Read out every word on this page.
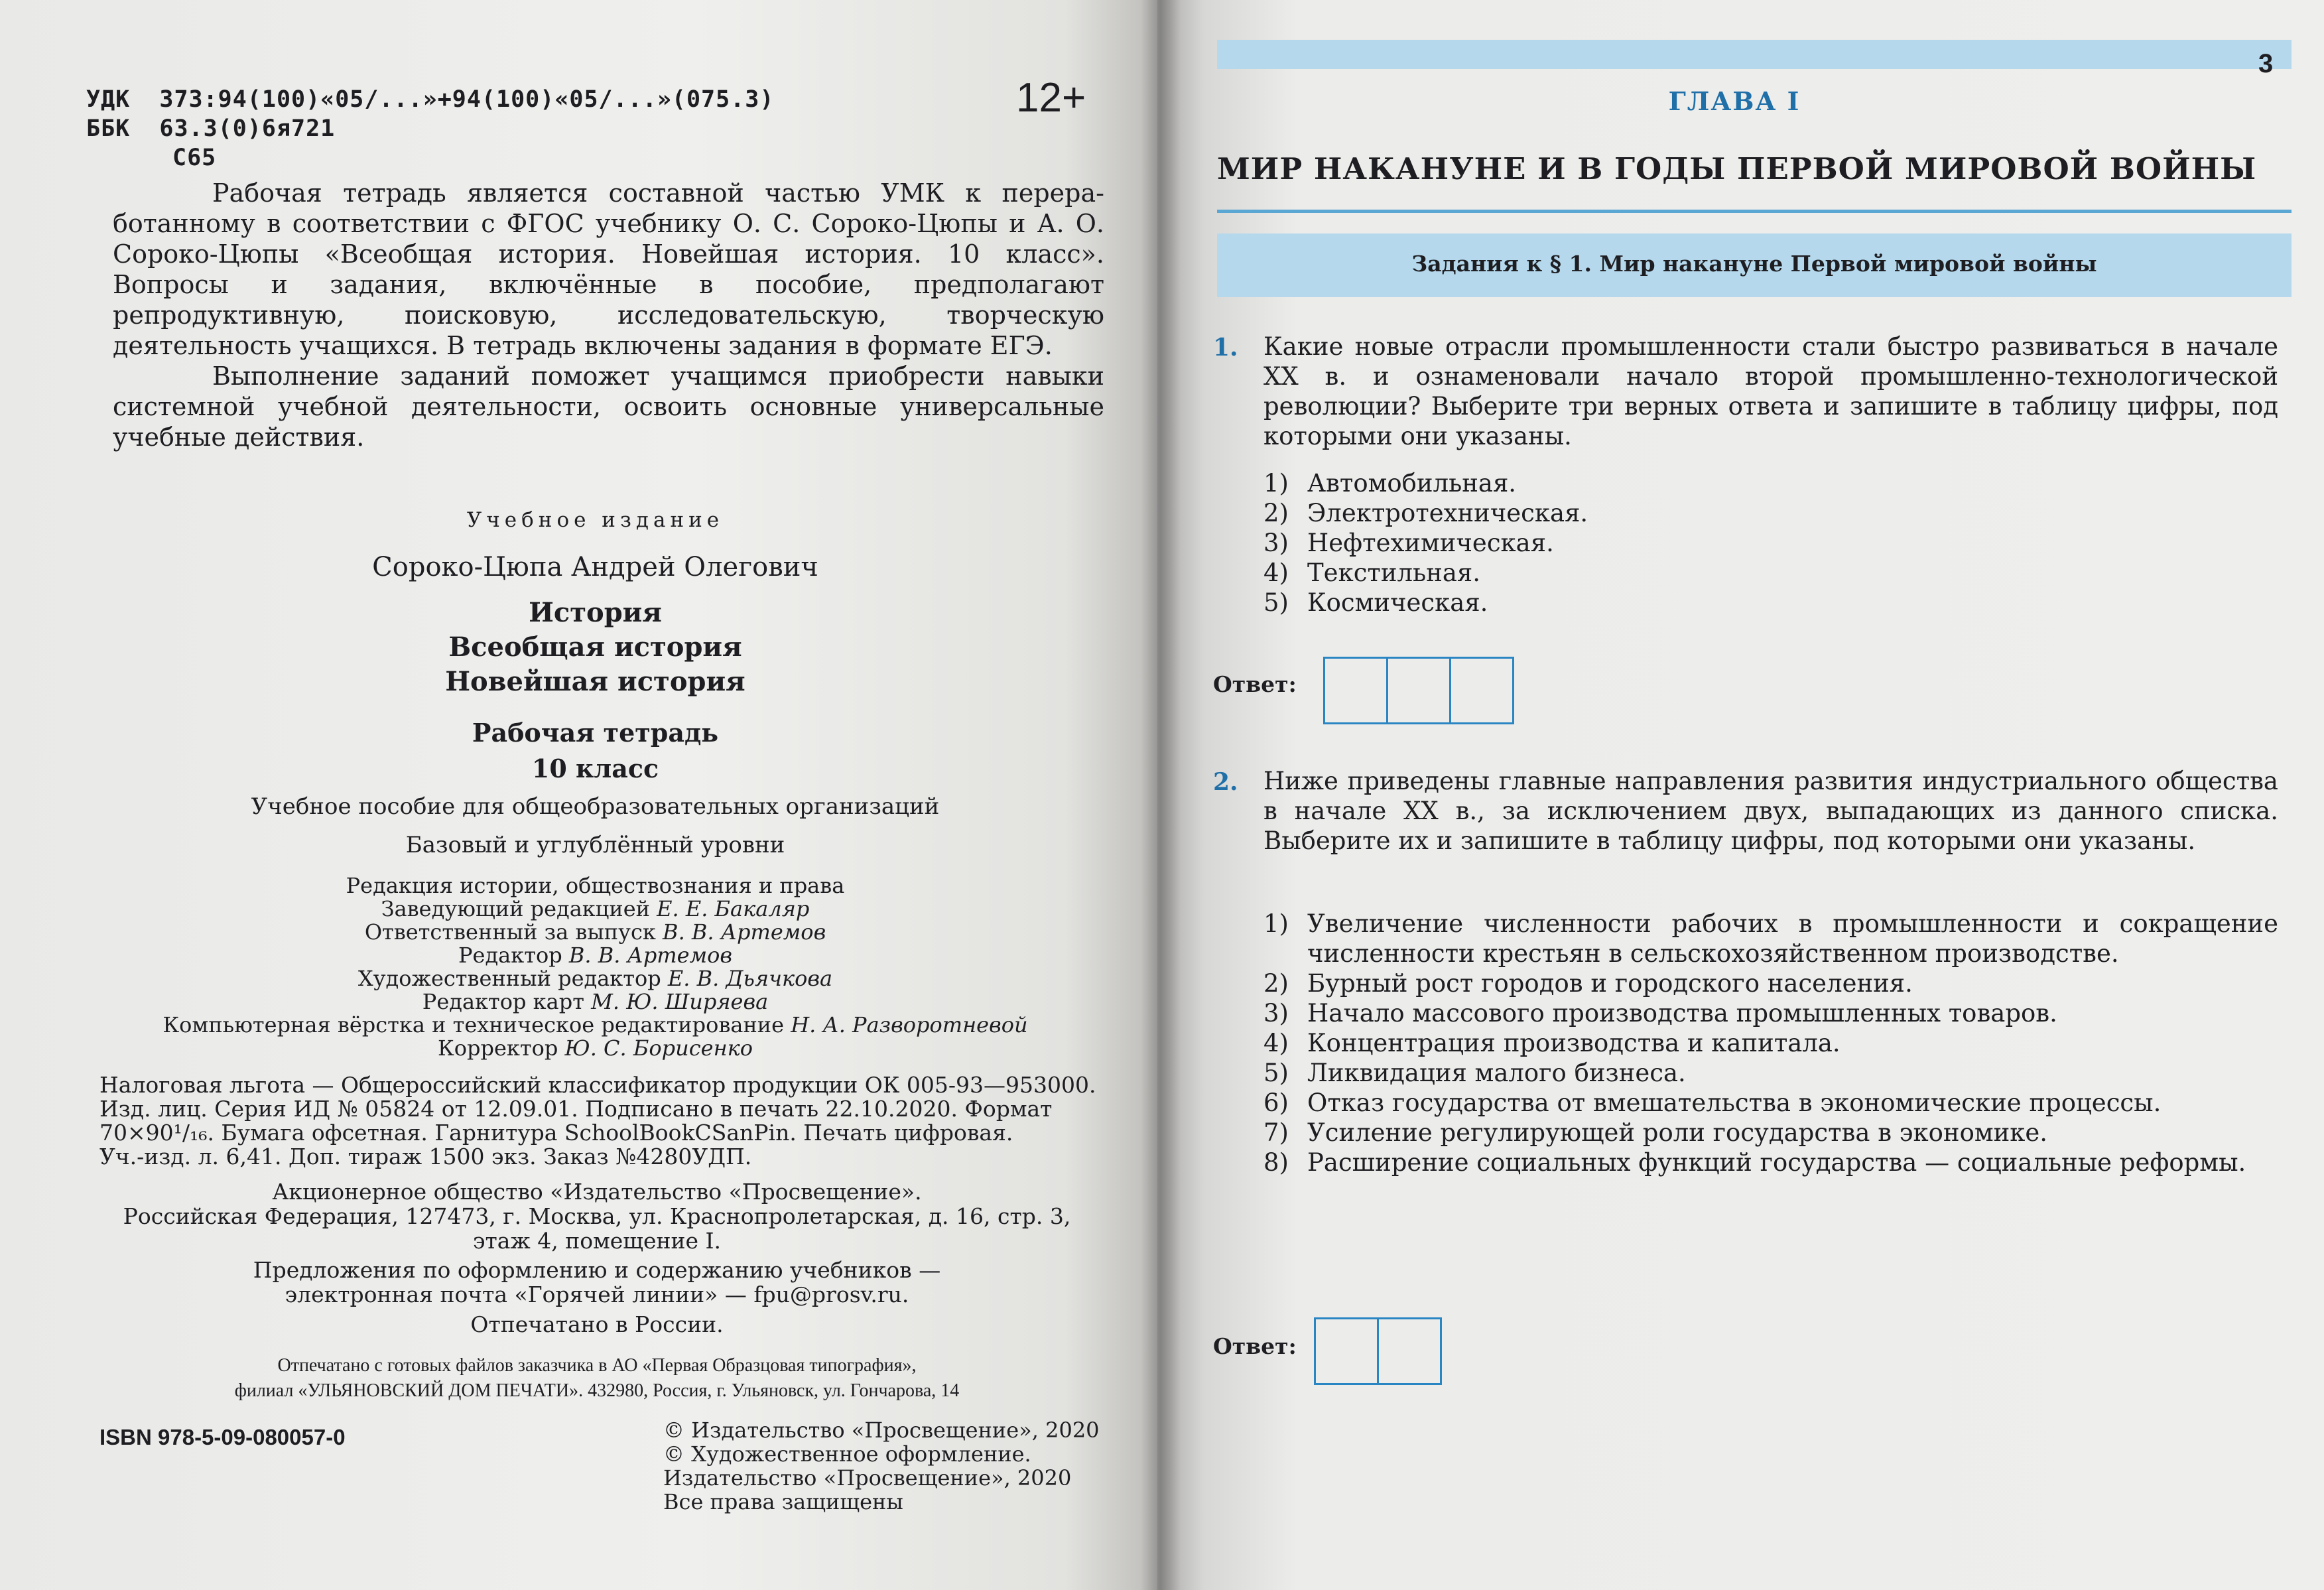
УДК 373:94(100)«05/...»+94(100)«05/...»(075.3)
ББК 63.3(0)6я721
С65
12+

Рабочая тетрадь является составной частью УМК к переработанному в соответствии с ФГОС учебнику О. С. Сороко-Цюпы и А. О. Сороко-Цюпы «Всеобщая история. Новейшая история. 10 класс». Вопросы и задания, включённые в пособие, предполагают репродуктивную, поисковую, исследовательскую, творческую деятельность учащихся. В тетрадь включены задания в формате ЕГЭ.

Выполнение заданий поможет учащимся приобрести навыки системной учебной деятельности, освоить основные универсальные учебные действия.

Учебное издание
Сороко-Цюпа Андрей Олегович
История
Всеобщая история
Новейшая история
Рабочая тетрадь
10 класс
Учебное пособие для общеобразовательных организаций
Базовый и углублённый уровни
Редакция истории, обществознания и права
Заведующий редакцией Е. Е. Бакаляр
Ответственный за выпуск В. В. Артемов
Редактор В. В. Артемов
Художественный редактор Е. В. Дьячкова
Редактор карт М. Ю. Ширяева
Компьютерная вёрстка и техническое редактирование Н. А. Разворотневой
Корректор Ю. С. Борисенко
Налоговая льгота — Общероссийский классификатор продукции ОК 005-93—953000.
Изд. лиц. Серия ИД № 05824 от 12.09.01. Подписано в печать 22.10.2020. Формат
70×90¹/₁₆. Бумага офсетная. Гарнитура SchoolBookCSanPin. Печать цифровая.
Уч.-изд. л. 6,41. Доп. тираж 1500 экз. Заказ №4280УДП.
Акционерное общество «Издательство «Просвещение».
Российская Федерация, 127473, г. Москва, ул. Краснопролетарская, д. 16, стр. 3,
этаж 4, помещение I.
Предложения по оформлению и содержанию учебников —
электронная почта «Горячей линии» — fpu@prosv.ru.
Отпечатано в России.
Отпечатано с готовых файлов заказчика в АО «Первая Образцовая типография»,
филиал «УЛЬЯНОВСКИЙ ДОМ ПЕЧАТИ». 432980, Россия, г. Ульяновск, ул. Гончарова, 14
ISBN 978-5-09-080057-0	© Издательство «Просвещение», 2020
© Художественное оформление.
Издательство «Просвещение», 2020
Все права защищены
3
ГЛАВА I
МИР НАКАНУНЕ И В ГОДЫ ПЕРВОЙ МИРОВОЙ ВОЙНЫ
Задания к § 1. Мир накануне Первой мировой войны
1. Какие новые отрасли промышленности стали быстро развиваться в начале XX в. и ознаменовали начало второй промышленно-технологической революции? Выберите три верных ответа и запишите в таблицу цифры, под которыми они указаны.
1) Автомобильная.
2) Электротехническая.
3) Нефтехимическая.
4) Текстильная.
5) Космическая.
Ответ:
2. Ниже приведены главные направления развития индустриального общества в начале XX в., за исключением двух, выпадающих из данного списка. Выберите их и запишите в таблицу цифры, под которыми они указаны.
1) Увеличение численности рабочих в промышленности и сокращение численности крестьян в сельскохозяйственном производстве.
2) Бурный рост городов и городского населения.
3) Начало массового производства промышленных товаров.
4) Концентрация производства и капитала.
5) Ликвидация малого бизнеса.
6) Отказ государства от вмешательства в экономические процессы.
7) Усиление регулирующей роли государства в экономике.
8) Расширение социальных функций государства — социальные реформы.
Ответ:
